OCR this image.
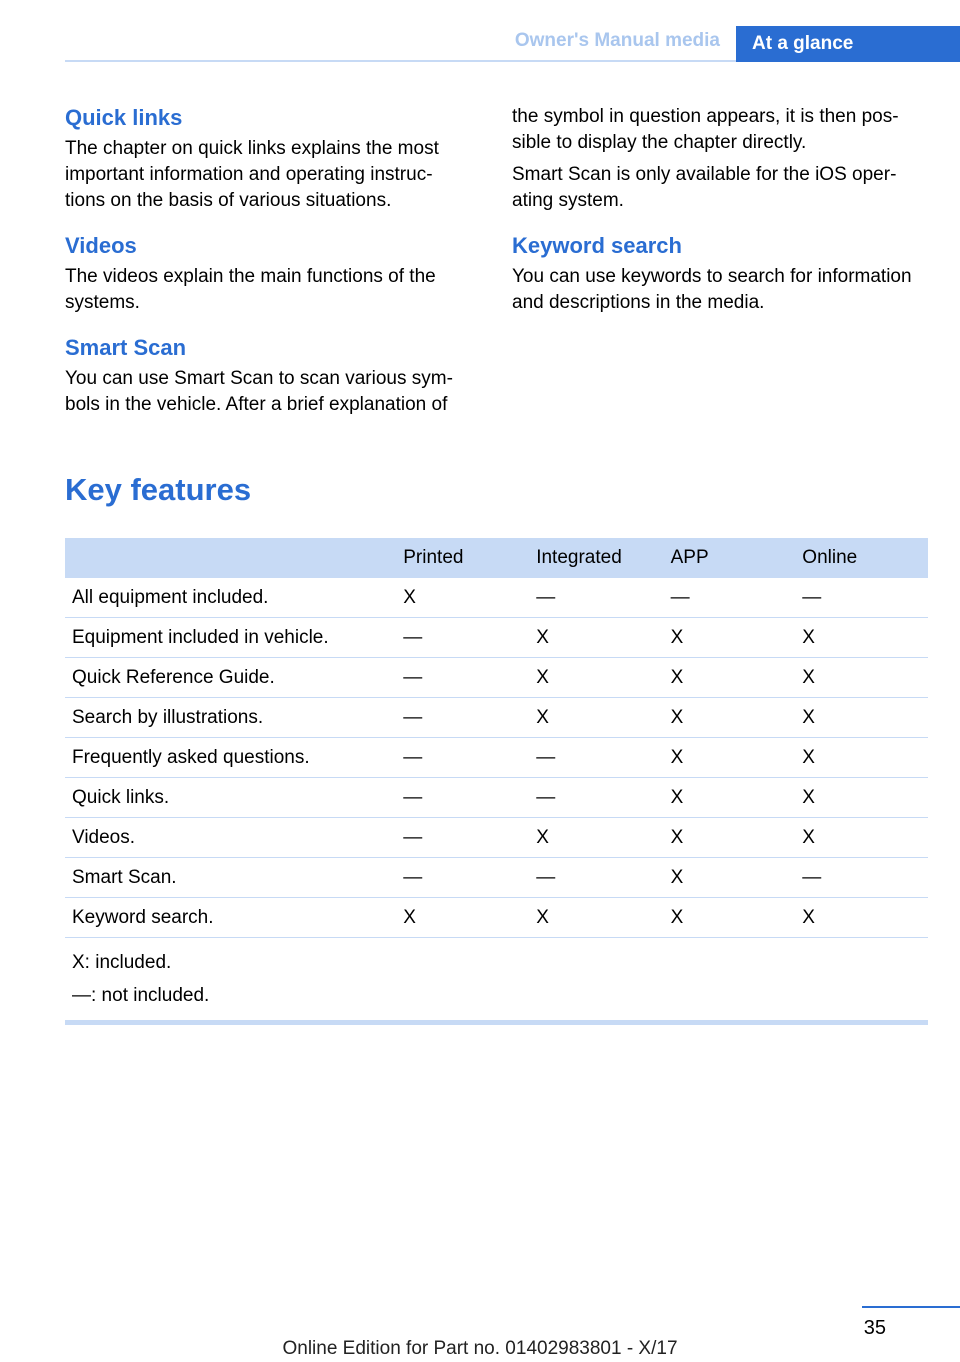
Owner's Manual media	At a glance
Quick links

The chapter on quick links explains the most important information and operating instructions on the basis of various situations.

Videos

The videos explain the main functions of the systems.

Smart Scan

You can use Smart Scan to scan various symbols in the vehicle. After a brief explanation of

the symbol in question appears, it is then possible to display the chapter directly.

Smart Scan is only available for the iOS operating system.

Keyword search

You can use keywords to search for information and descriptions in the media.

Key features
	Printed	Integrated	APP	Online
All equipment included.	X	—	—	—
Equipment included in vehicle.	—	X	X	X
Quick Reference Guide.	—	X	X	X
Search by illustrations.	—	X	X	X
Frequently asked questions.	—	—	X	X
Quick links.	—	—	X	X
Videos.	—	X	X	X
Smart Scan.	—	—	X	—
Keyword search.	X	X	X	X

X: included.
—: not included.				
35
Online Edition for Part no. 01402983801 - X/17
